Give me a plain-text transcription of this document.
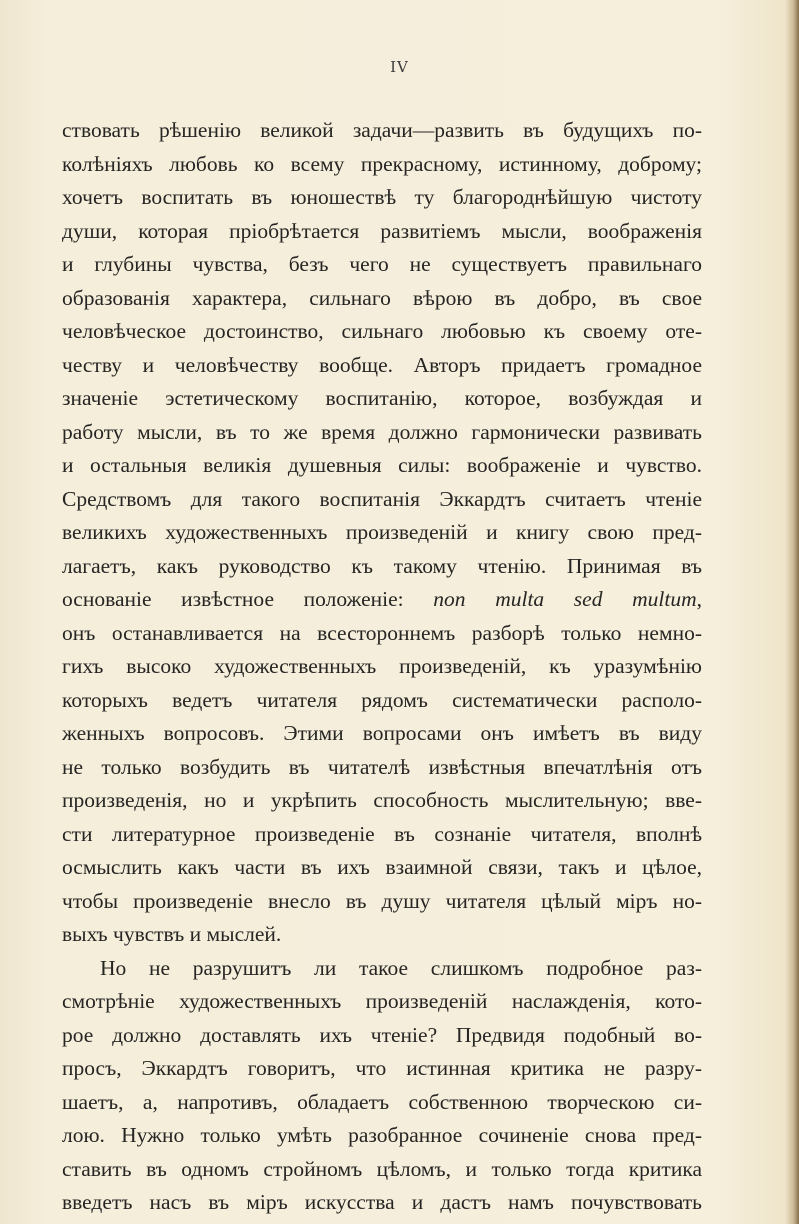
IV
ствовать рѣшенію великой задачи—развить въ будущихъ по-
колѣніяхъ любовь ко всему прекрасному, истинному, доброму;
хочетъ воспитать въ юношествѣ ту благороднѣйшую чистоту
души, которая пріобрѣтается развитіемъ мысли, воображенія
и глубины чувства, безъ чего не существуетъ правильнаго
образованія характера, сильнаго вѣрою въ добро, въ свое
человѣческое достоинство, сильнаго любовью къ своему оте-
честву и человѣчеству вообще. Авторъ придаетъ громадное
значеніе эстетическому воспитанію, которое, возбуждая и
работу мысли, въ то же время должно гармонически развивать
и остальныя великія душевныя силы: воображеніе и чувство.
Средствомъ для такого воспитанія Эккардтъ считаетъ чтеніе
великихъ художественныхъ произведеній и книгу свою пред-
лагаетъ, какъ руководство къ такому чтенію. Принимая въ
основаніе извѣстное положеніе: non multa sed multum,
онъ останавливается на всестороннемъ разборѣ только немно-
гихъ высоко художественныхъ произведеній, къ уразумѣнію
которыхъ ведетъ читателя рядомъ систематически располо-
женныхъ вопросовъ. Этими вопросами онъ имѣетъ въ виду
не только возбудить въ читателѣ извѣстныя впечатлѣнія отъ
произведенія, но и укрѣпить способность мыслительную; вве-
сти литературное произведеніе въ сознаніе читателя, вполнѣ
осмыслить какъ части въ ихъ взаимной связи, такъ и цѣлое,
чтобы произведеніе внесло въ душу читателя цѣлый міръ но-
выхъ чувствъ и мыслей.
Но не разрушитъ ли такое слишкомъ подробное раз-
смотрѣніе художественныхъ произведеній наслажденія, кото-
рое должно доставлять ихъ чтеніе? Предвидя подобный во-
просъ, Эккардтъ говоритъ, что истинная критика не разру-
шаетъ, а, напротивъ, обладаетъ собственною творческою си-
лою. Нужно только умѣть разобранное сочиненіе снова пред-
ставить въ одномъ стройномъ цѣломъ, и только тогда критика
введетъ насъ въ міръ искусства и дастъ намъ почувствовать
